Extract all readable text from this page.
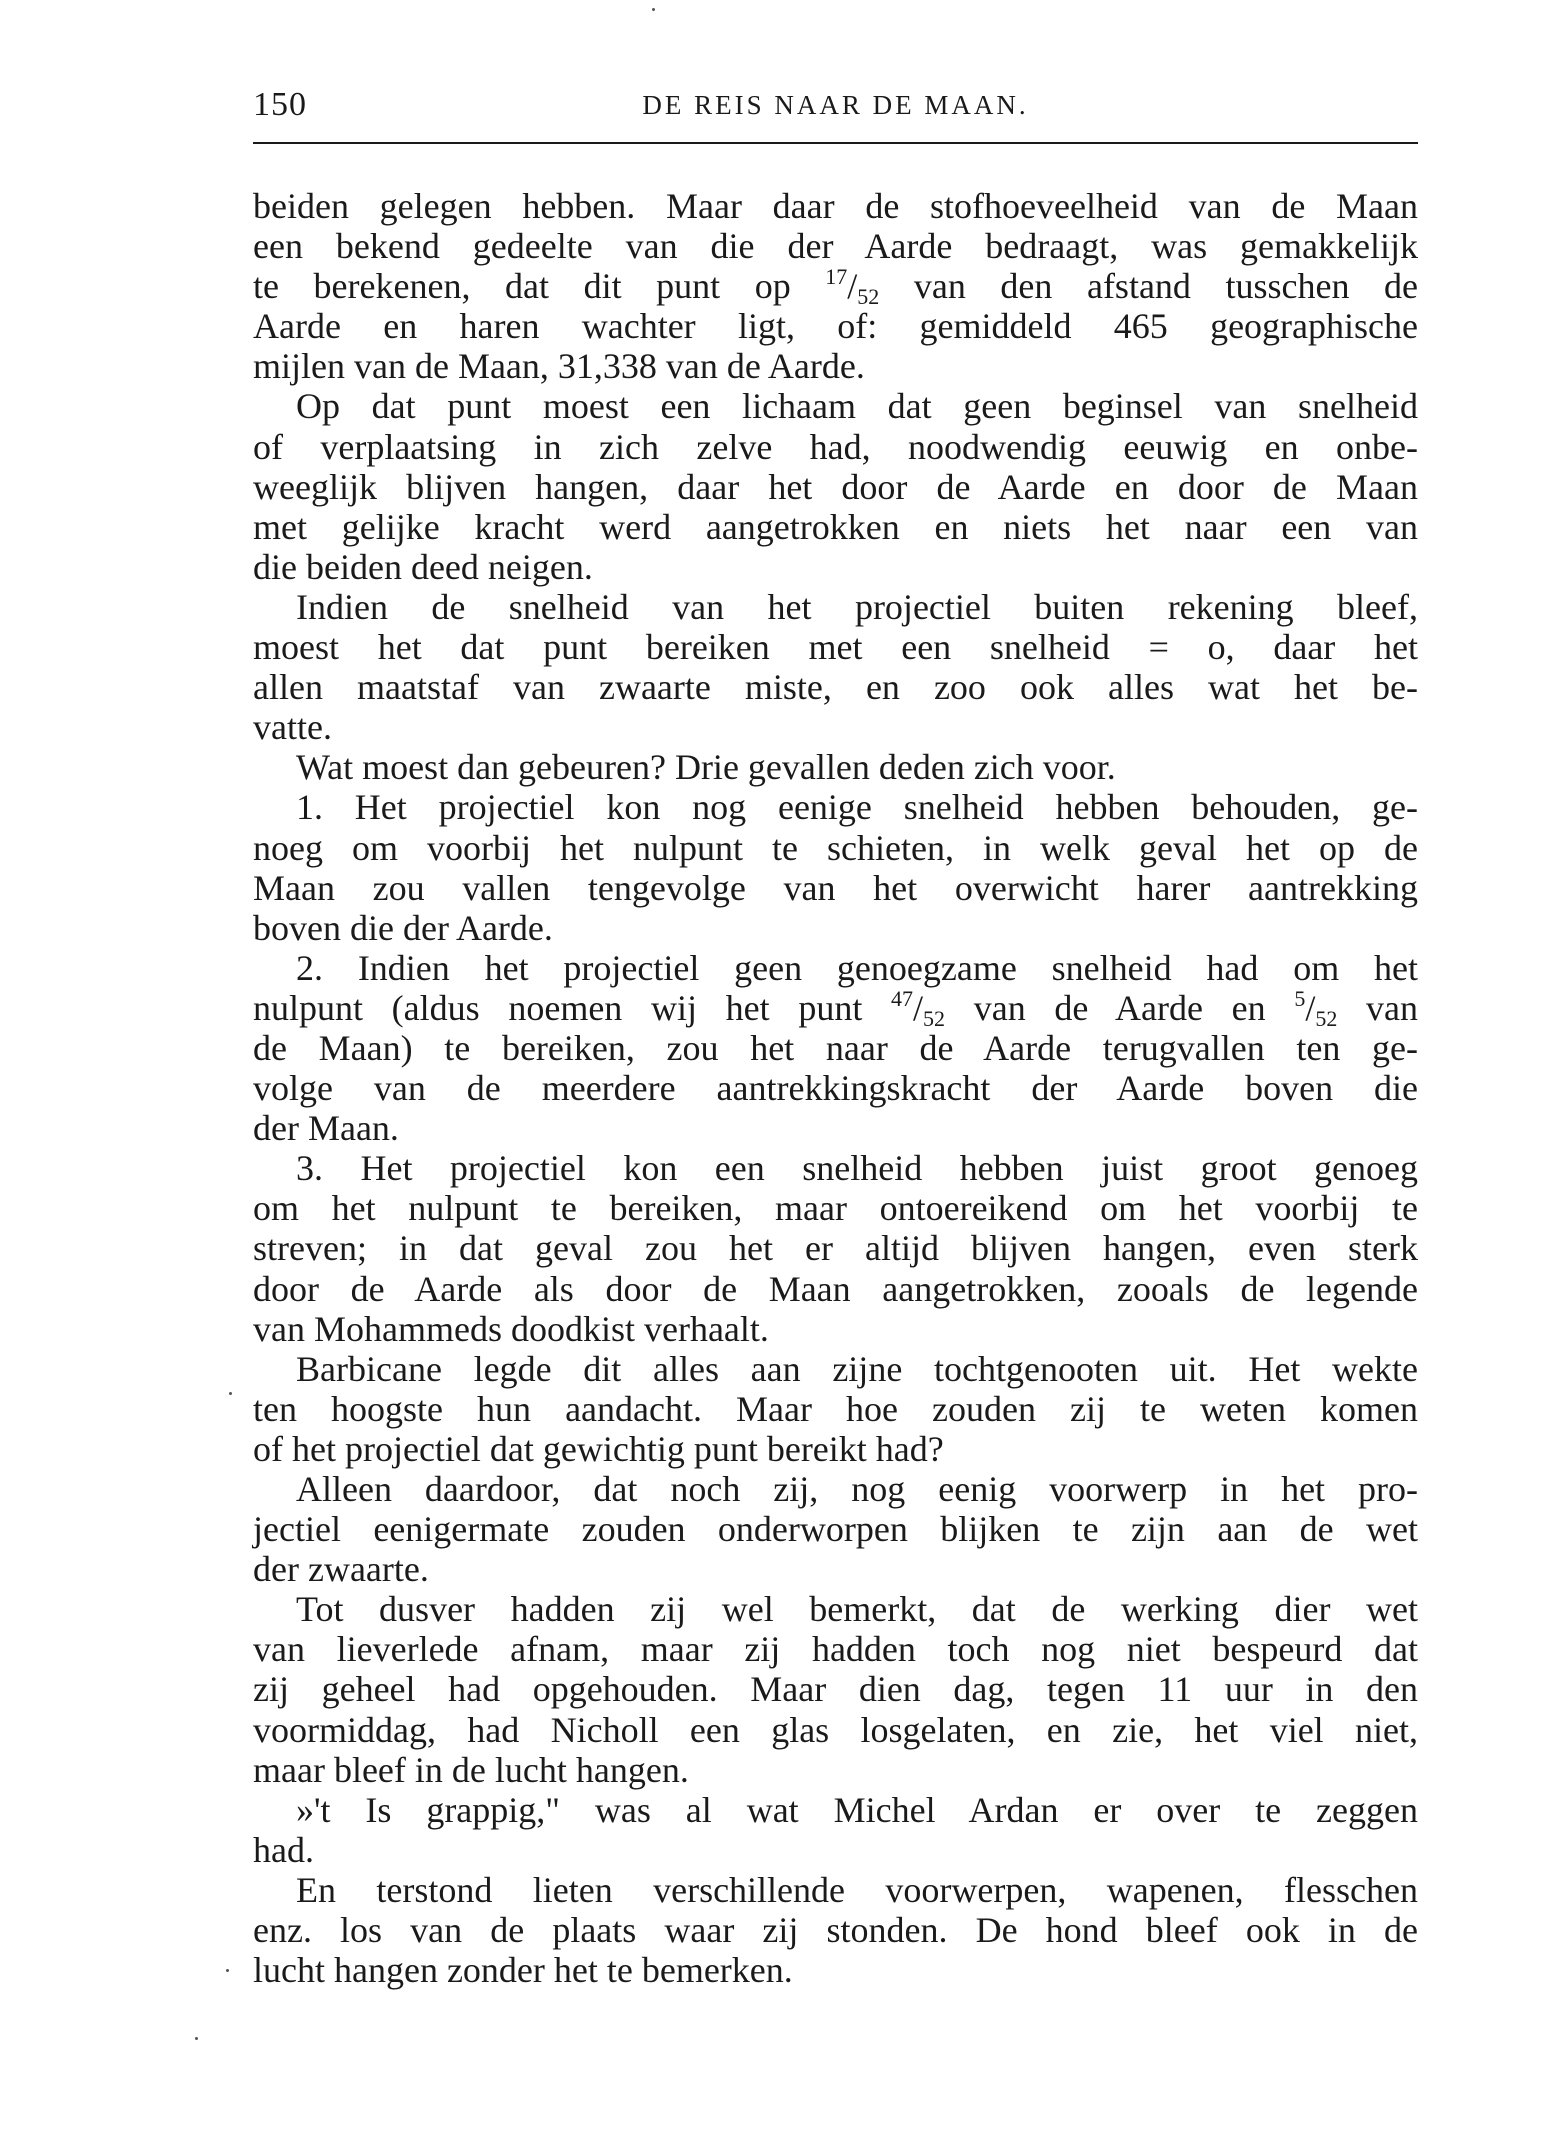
150	DE REIS NAAR DE MAAN.
beiden gelegen hebben. Maar daar de stofhoeveelheid van de Maan
een bekend gedeelte van die der Aarde bedraagt, was gemakkelijk
te berekenen, dat dit punt op $^{17}/_{52}$ van den afstand tusschen de
Aarde en haren wachter ligt, of: gemiddeld 465 geographische
mijlen van de Maan, 31,338 van de Aarde.
Op dat punt moest een lichaam dat geen beginsel van snelheid
of verplaatsing in zich zelve had, noodwendig eeuwig en onbe-
weeglijk blijven hangen, daar het door de Aarde en door de Maan
met gelijke kracht werd aangetrokken en niets het naar een van
die beiden deed neigen.
Indien de snelheid van het projectiel buiten rekening bleef,
moest het dat punt bereiken met een snelheid = o, daar het
allen maatstaf van zwaarte miste, en zoo ook alles wat het be-
vatte.
Wat moest dan gebeuren? Drie gevallen deden zich voor.
1. Het projectiel kon nog eenige snelheid hebben behouden, ge-
noeg om voorbij het nulpunt te schieten, in welk geval het op de
Maan zou vallen tengevolge van het overwicht harer aantrekking
boven die der Aarde.
2. Indien het projectiel geen genoegzame snelheid had om het
nulpunt (aldus noemen wij het punt $^{47}/_{52}$ van de Aarde en $^5/_{52}$ van
de Maan) te bereiken, zou het naar de Aarde terugvallen ten ge-
volge van de meerdere aantrekkingskracht der Aarde boven die
der Maan.
3. Het projectiel kon een snelheid hebben juist groot genoeg
om het nulpunt te bereiken, maar ontoereikend om het voorbij te
streven; in dat geval zou het er altijd blijven hangen, even sterk
door de Aarde als door de Maan aangetrokken, zooals de legende
van Mohammeds doodkist verhaalt.
Barbicane legde dit alles aan zijne tochtgenooten uit. Het wekte
ten hoogste hun aandacht. Maar hoe zouden zij te weten komen
of het projectiel dat gewichtig punt bereikt had?
Alleen daardoor, dat noch zij, nog eenig voorwerp in het pro-
jectiel eenigermate zouden onderworpen blijken te zijn aan de wet
der zwaarte.
Tot dusver hadden zij wel bemerkt, dat de werking dier wet
van lieverlede afnam, maar zij hadden toch nog niet bespeurd dat
zij geheel had opgehouden. Maar dien dag, tegen 11 uur in den
voormiddag, had Nicholl een glas losgelaten, en zie, het viel niet,
maar bleef in de lucht hangen.
»'t Is grappig," was al wat Michel Ardan er over te zeggen
had.
En terstond lieten verschillende voorwerpen, wapenen, flesschen
enz. los van de plaats waar zij stonden. De hond bleef ook in de
lucht hangen zonder het te bemerken.
